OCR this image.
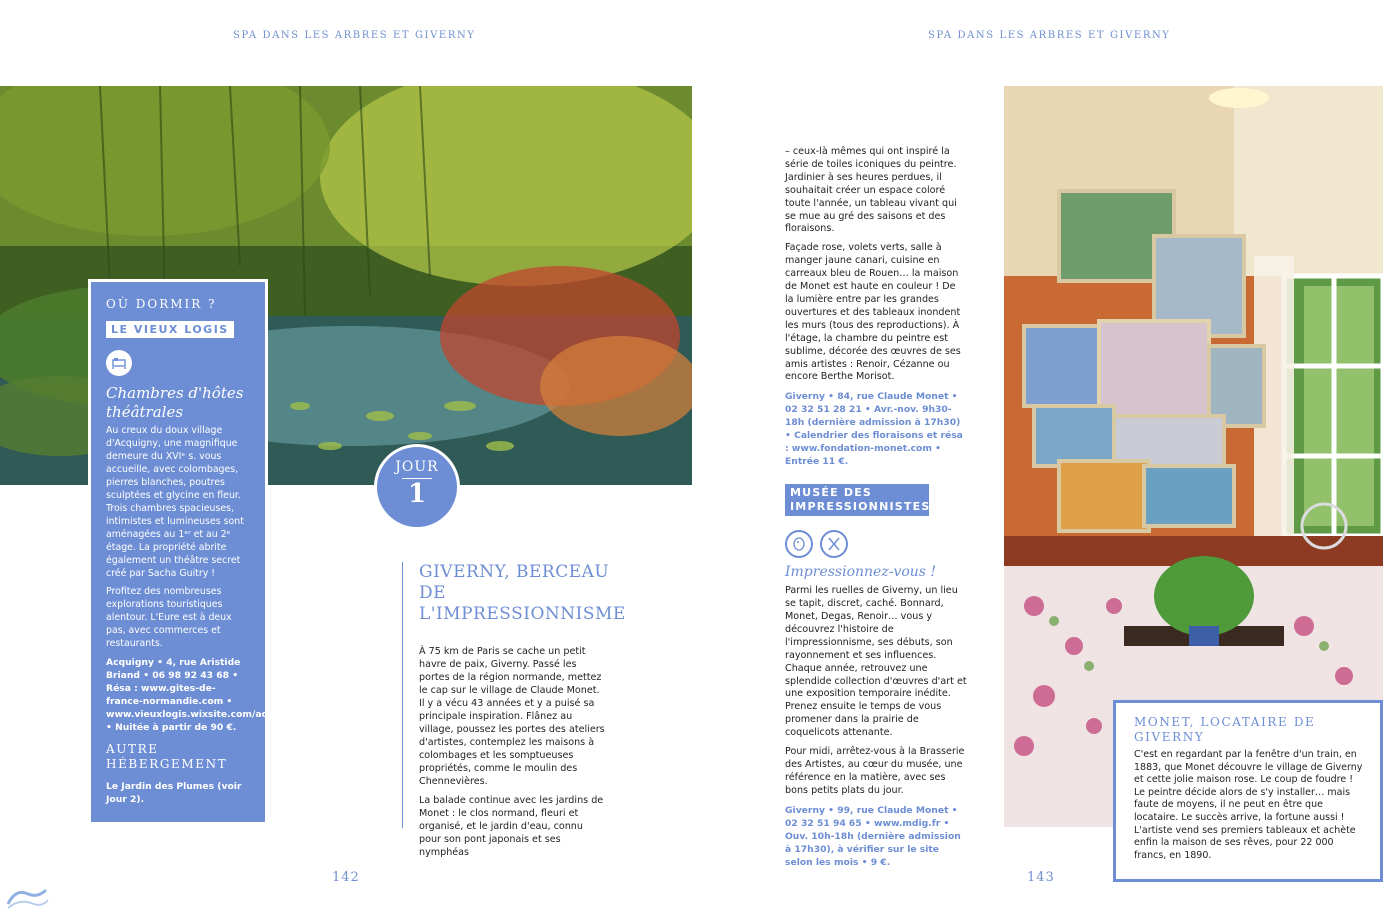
SPA DANS LES ARBRES ET GIVERNY	SPA DANS LES ARBRES ET GIVERNY
OÙ DORMIR ?
LE VIEUX LOGIS
Chambres d'hôtes théâtrales

Au creux du doux village d'Acquigny, une magnifique demeure du XVIᵉ s. vous accueille, avec colombages, pierres blanches, poutres sculptées et glycine en fleur. Trois chambres spacieuses, intimistes et lumineuses sont aménagées au 1ᵉʳ et au 2ᵉ étage. La propriété abrite également un théâtre secret créé par Sacha Guitry !

Profitez des nombreuses explorations touristiques alentour. L'Eure est à deux pas, avec commerces et restaurants.

Acquigny • 4, rue Aristide Briand • 06 98 92 43 68 • Résa : www.gites-de-france-normandie.com • www.vieuxlogis.wixsite.com/acquigny • Nuitée à partir de 90 €.
AUTRE HÉBERGEMENT
Le Jardin des Plumes (voir Jour 2).
JOUR
1
GIVERNY, BERCEAU DE L'IMPRESSIONNISME

À 75 km de Paris se cache un petit havre de paix, Giverny. Passé les portes de la région normande, mettez le cap sur le village de Claude Monet. Il y a vécu 43 années et y a puisé sa principale inspiration. Flânez au village, poussez les portes des ateliers d'artistes, contemplez les maisons à colombages et les somptueuses propriétés, comme le moulin des Chennevières.

La balade continue avec les jardins de Monet : le clos normand, fleuri et organisé, et le jardin d'eau, connu pour son pont japonais et ses nymphéas

142

– ceux-là mêmes qui ont inspiré la série de toiles iconiques du peintre. Jardinier à ses heures perdues, il souhaitait créer un espace coloré toute l'année, un tableau vivant qui se mue au gré des saisons et des floraisons.

Façade rose, volets verts, salle à manger jaune canari, cuisine en carreaux bleu de Rouen… la maison de Monet est haute en couleur ! De la lumière entre par les grandes ouvertures et des tableaux inondent les murs (tous des reproductions). À l'étage, la chambre du peintre est sublime, décorée des œuvres de ses amis artistes : Renoir, Cézanne ou encore Berthe Morisot.

Giverny • 84, rue Claude Monet • 02 32 51 28 21 • Avr.-nov. 9h30-18h (dernière admission à 17h30) • Calendrier des floraisons et résa : www.fondation-monet.com • Entrée 11 €.
MUSÉE DES IMPRESSIONNISTES

Impressionnez-vous !

Parmi les ruelles de Giverny, un lieu se tapit, discret, caché. Bonnard, Monet, Degas, Renoir… vous y découvrez l'histoire de l'impressionnisme, ses débuts, son rayonnement et ses influences. Chaque année, retrouvez une splendide collection d'œuvres d'art et une exposition temporaire inédite. Prenez ensuite le temps de vous promener dans la prairie de coquelicots attenante.

Pour midi, arrêtez-vous à la Brasserie des Artistes, au cœur du musée, une référence en la matière, avec ses bons petits plats du jour.

Giverny • 99, rue Claude Monet • 02 32 51 94 65 • www.mdig.fr • Ouv. 10h-18h (dernière admission à 17h30), à vérifier sur le site selon les mois • 9 €.
MONET, LOCATAIRE DE GIVERNY
C'est en regardant par la fenêtre d'un train, en 1883, que Monet découvre le village de Giverny et cette jolie maison rose. Le coup de foudre ! Le peintre décide alors de s'y installer… mais faute de moyens, il ne peut en être que locataire. Le succès arrive, la fortune aussi ! L'artiste vend ses premiers tableaux et achète enfin la maison de ses rêves, pour 22 000 francs, en 1890.
143
